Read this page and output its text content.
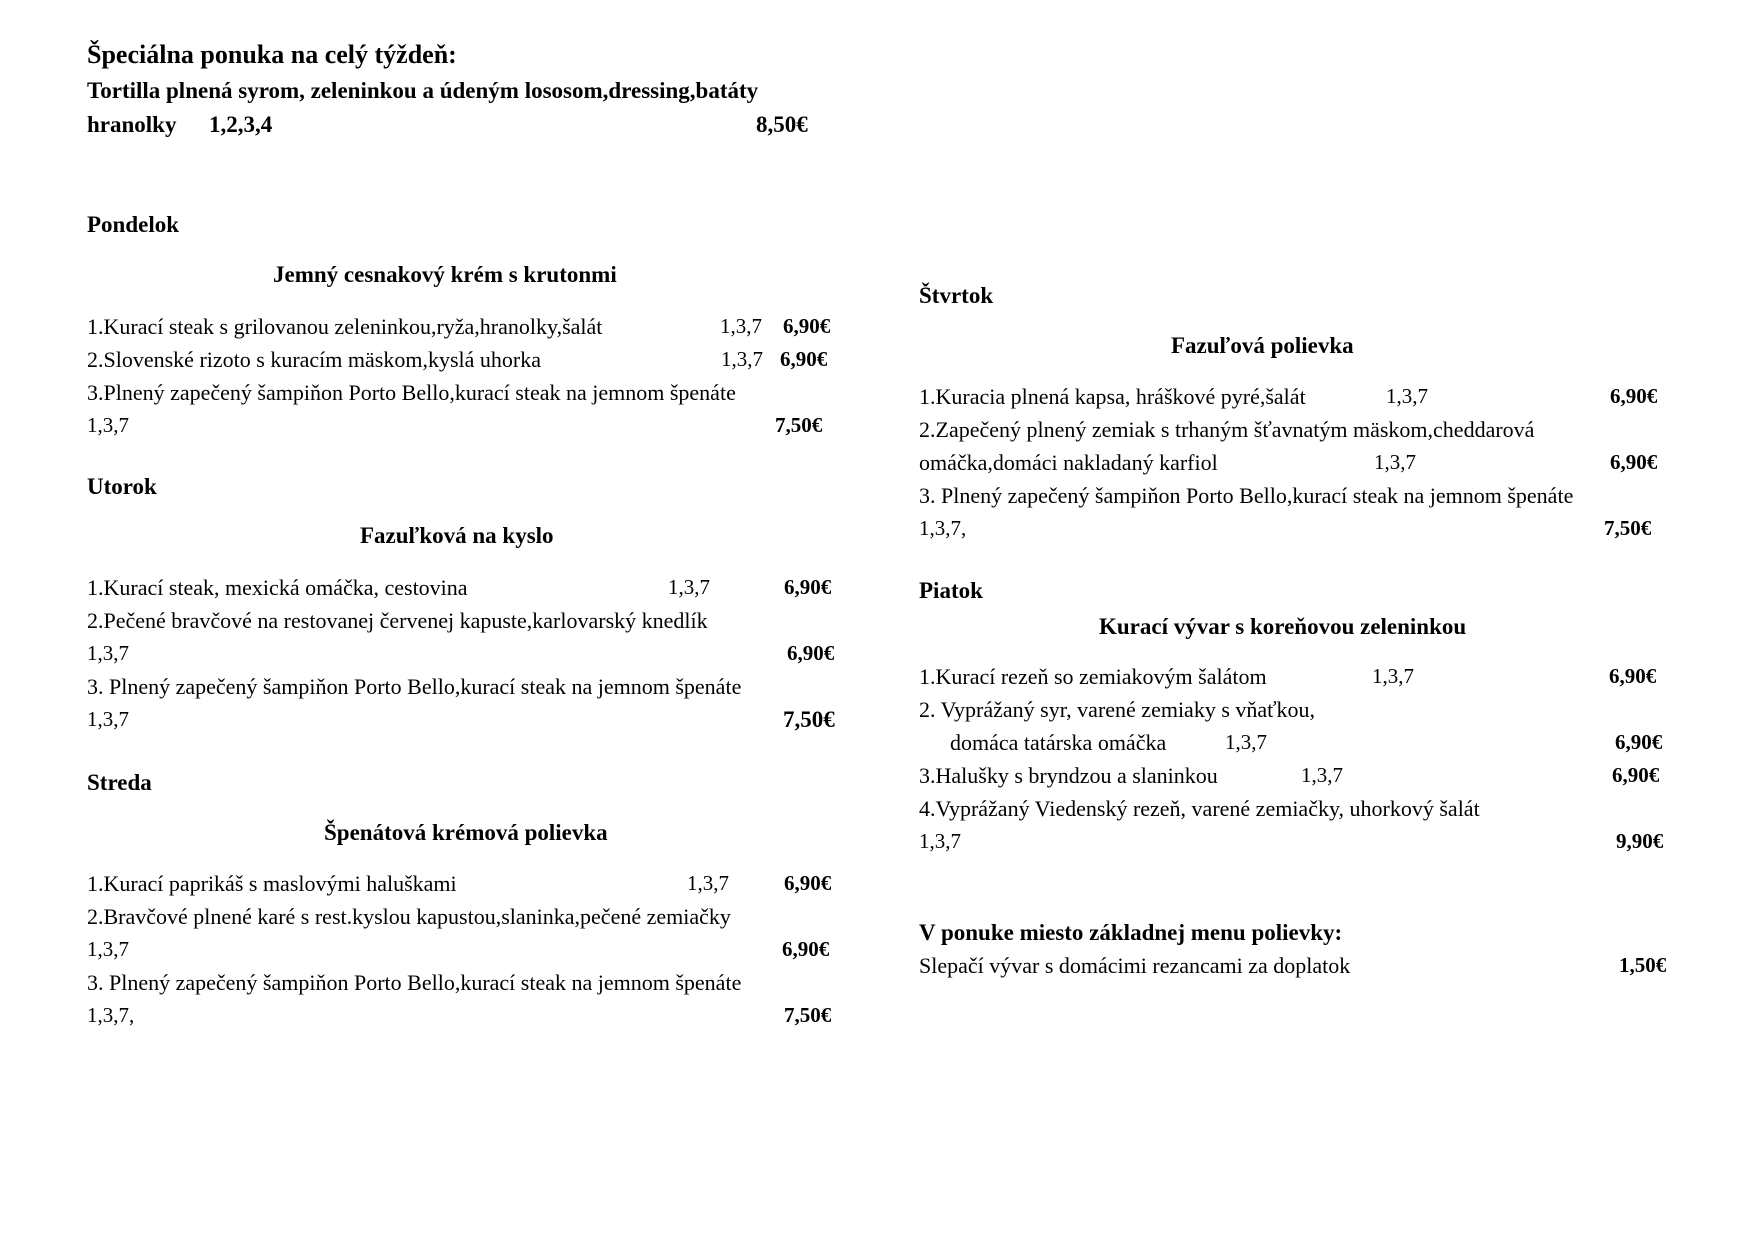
Špeciálna ponuka na celý týždeň:
Tortilla plnená syrom, zeleninkou a údeným lososom,dressing,batáty
hranolky 1,2,3,4	8,50€
Pondelok
Jemný cesnakový krém s krutonmi
1.Kurací steak s grilovanou zeleninkou,ryža,hranolky,šalát	1,3,7 6,90€
2.Slovenské rizoto s kuracím mäskom,kyslá uhorka	1,3,7 6,90€
3.Plnený zapečený šampiňon Porto Bello,kurací steak na jemnom špenáte
1,3,7	7,50€
Utorok
Fazuľková na kyslo
1.Kurací steak, mexická omáčka, cestovina	1,3,7	6,90€
2.Pečené bravčové na restovanej červenej kapuste,karlovarský knedlík
1,3,7	6,90€
3. Plnený zapečený šampiňon Porto Bello,kurací steak na jemnom špenáte
1,3,7	7,50€
Streda
Špenátová krémová polievka
1.Kurací paprikáš s maslovými haluškami	1,3,7	6,90€
2.Bravčové plnené karé s rest.kyslou kapustou,slaninka,pečené zemiačky
1,3,7	6,90€
3. Plnený zapečený šampiňon Porto Bello,kurací steak na jemnom špenáte
1,3,7,	7,50€
Štvrtok
Fazuľová polievka
1.Kuracia plnená kapsa, hráškové pyré,šalát	1,3,7	6,90€
2.Zapečený plnený zemiak s trhaným šťavnatým mäskom,cheddarová
omáčka,domáci nakladaný karfiol	1,3,7	6,90€
3. Plnený zapečený šampiňon Porto Bello,kurací steak na jemnom špenáte
1,3,7,	7,50€
Piatok
Kurací vývar s koreňovou zeleninkou
1.Kurací rezeň so zemiakovým šalátom	1,3,7	6,90€
2. Vyprážaný syr, varené zemiaky s vňaťkou,
domáca tatárska omáčka	1,3,7	6,90€
3.Halušky s bryndzou a slaninkou	1,3,7	6,90€
4.Vyprážaný Viedenský rezeň, varené zemiačky, uhorkový šalát
1,3,7	9,90€
V ponuke miesto základnej menu polievky:
Slepačí vývar s domácimi rezancami za doplatok	1,50€
